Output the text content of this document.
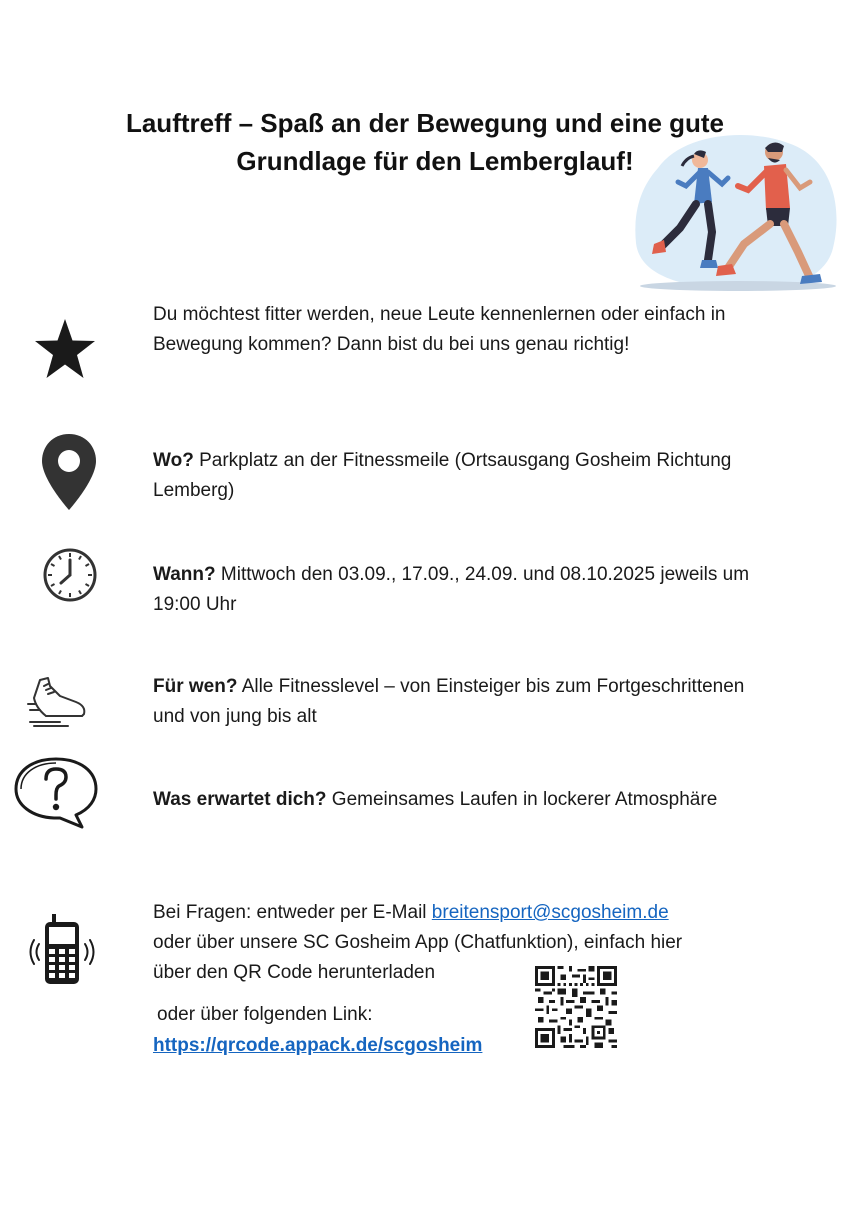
Lauftreff – Spaß an der Bewegung und eine gute
Grundlage für den Lemberglauf!

Du möchtest fitter werden, neue Leute kennenlernen oder einfach in Bewegung kommen? Dann bist du bei uns genau richtig!

Wo? Parkplatz an der Fitnessmeile (Ortsausgang Gosheim Richtung Lemberg)

Wann? Mittwoch den 03.09., 17.09., 24.09. und 08.10.2025 jeweils um 19:00 Uhr

Für wen? Alle Fitnesslevel – von Einsteiger bis zum Fortgeschrittenen und von jung bis alt

Was erwartet dich? Gemeinsames Laufen in lockerer Atmosphäre

Bei Fragen: entweder per E-Mail breitensport@scgosheim.de

oder über unsere SC Gosheim App (Chatfunktion), einfach hier

über den QR Code herunterladen

oder über folgenden Link:

https://qrcode.appack.de/scgosheim
